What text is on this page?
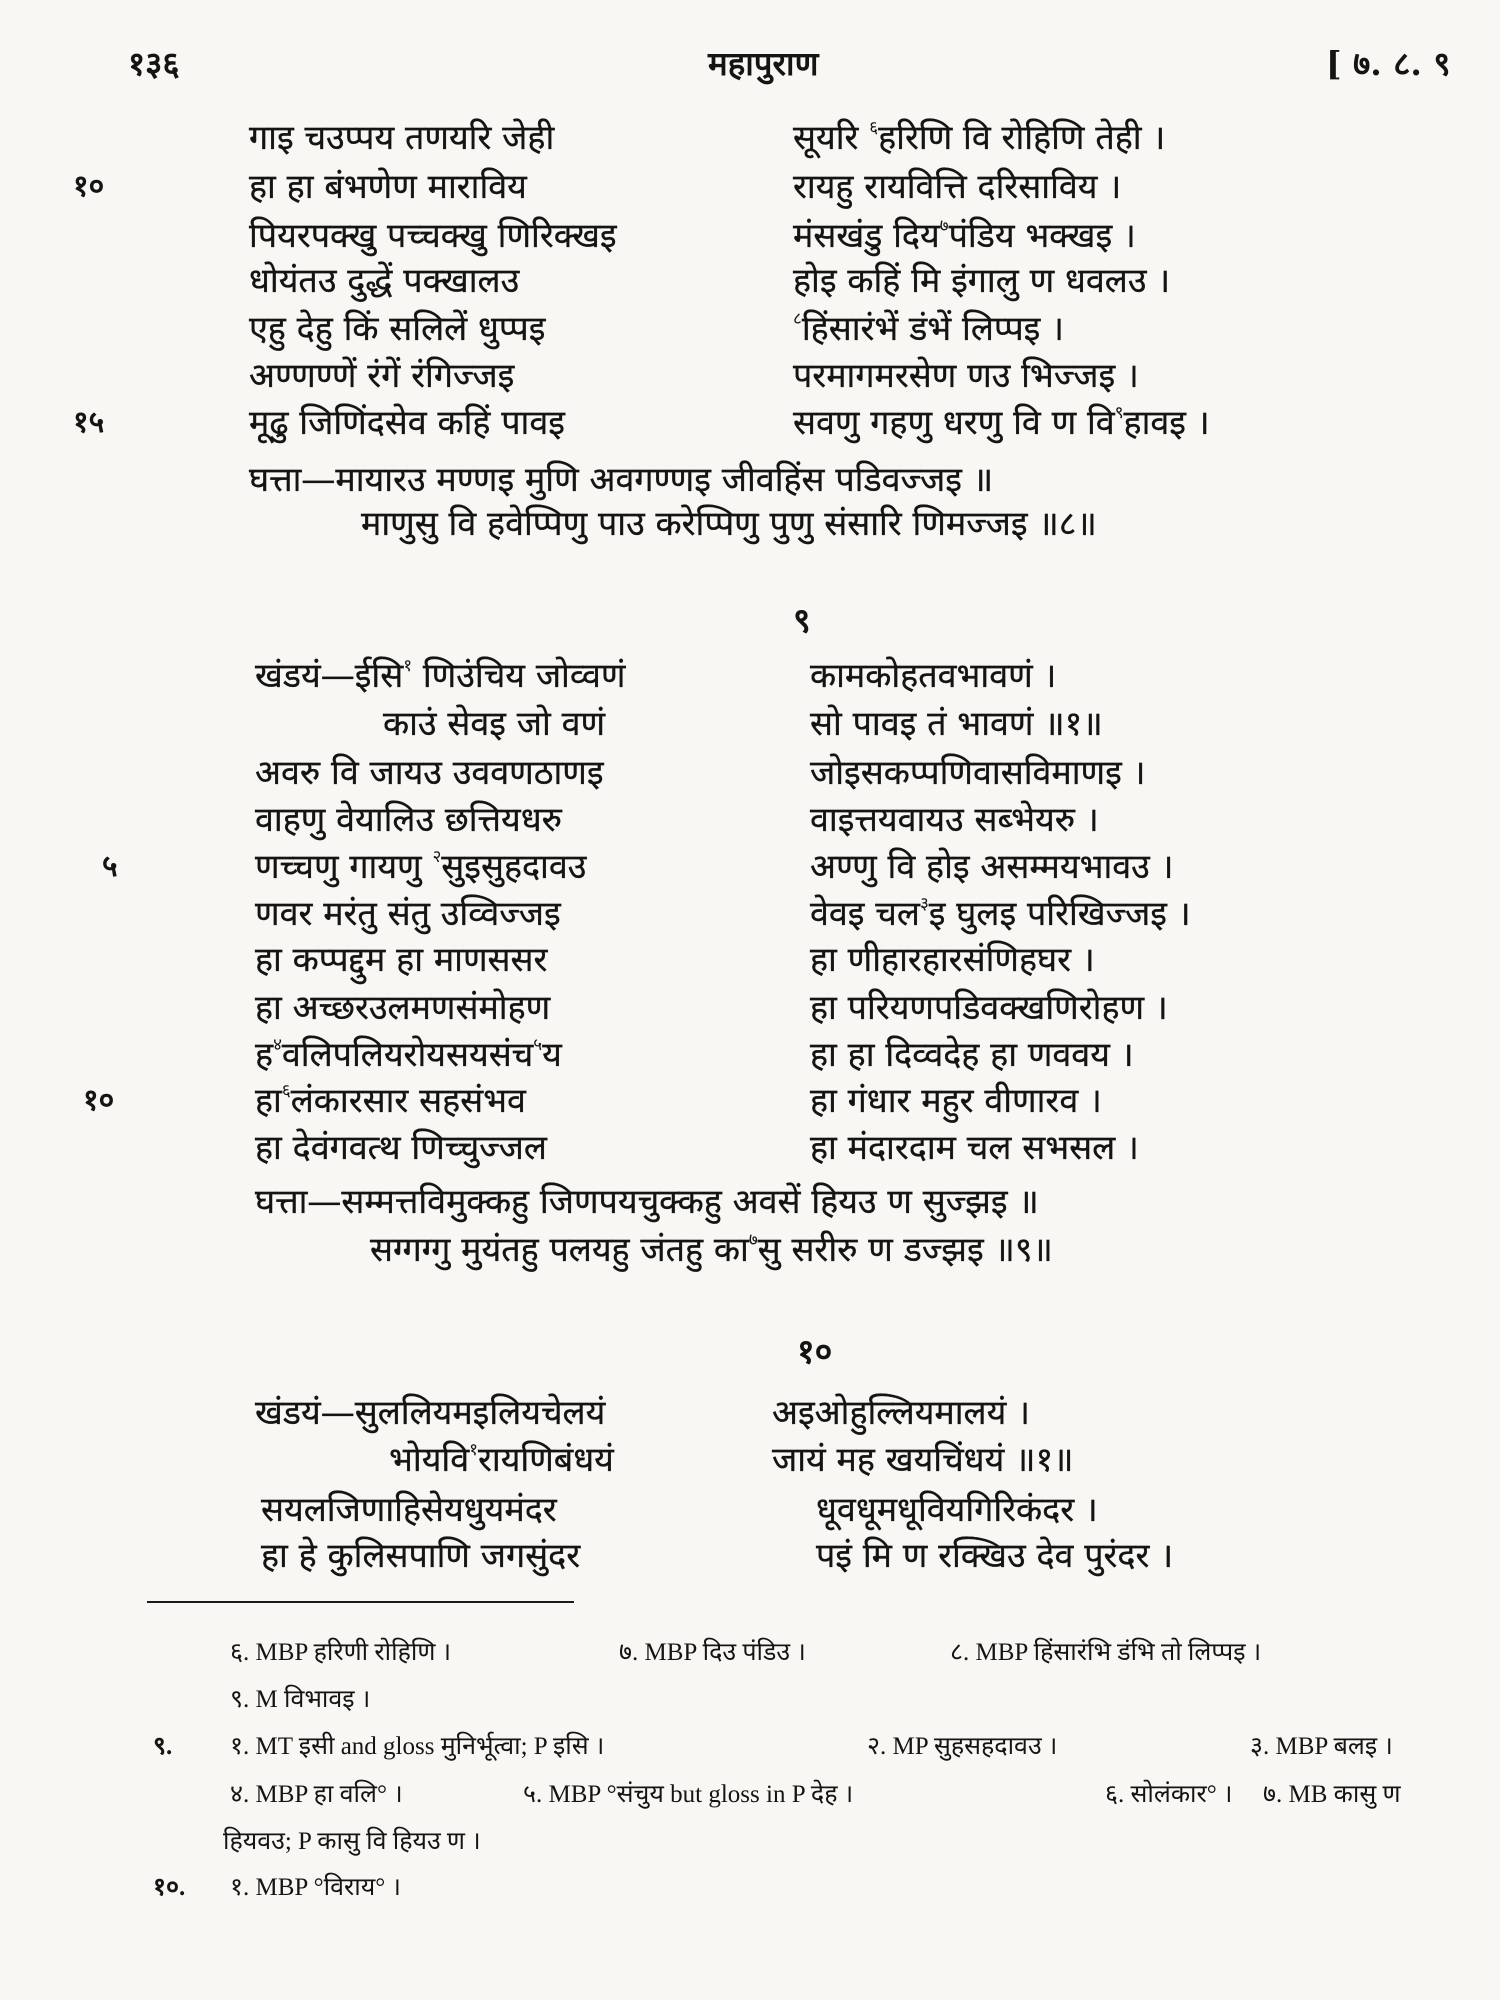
१३६	महापुराण	[ ७. ८. ९
गाइ चउप्पय तणयरि जेही	सूयरि $^६$हरिणि वि रोहिणि तेही ।
१०	हा हा बंभणेण माराविय	रायहु रायवित्ति दरिसाविय ।
पियरपक्खु पच्चक्खु णिरिक्खइ	मंसखंडु दिय$^७$पंडिय भक्खइ ।
धोयंतउ दुद्धें पक्खालउ	होइ कहिं मि इंगालु ण धवलउ ।
एहु देहु किं सलिलें धुप्पइ	$^८$हिंसारंभें डंभें लिप्पइ ।
अण्णण्णें रंगें रंगिज्जइ	परमागमरसेण णउ भिज्जइ ।
१५	मूढु जिणिंदसेव कहिं पावइ	सवणु गहणु धरणु वि ण वि$^९$हावइ ।
घत्ता—मायारउ मण्णइ मुणि अवगण्णइ जीवहिंस पडिवज्जइ ॥
माणुसु वि हवेप्पिणु पाउ करेप्पिणु पुणु संसारि णिमज्जइ ॥८॥
९
खंडयं—ईसि$^१$ णिउंचिय जोव्वणं	कामकोहतवभावणं ।
काउं सेवइ जो वणं	सो पावइ तं भावणं ॥१॥
अवरु वि जायउ उववणठाणइ	जोइसकप्पणिवासविमाणइ ।
वाहणु वेयालिउ छत्तियधरु	वाइत्तयवायउ सब्भेयरु ।
५	णच्चणु गायणु $^२$सुइसुहदावउ	अण्णु वि होइ असम्मयभावउ ।
णवर मरंतु संतु उव्विज्जइ	वेवइ चल$^३$इ घुलइ परिखिज्जइ ।
हा कप्पद्दुम हा माणससर	हा णीहारहारसंणिहघर ।
हा अच्छरउलमणसंमोहण	हा परियणपडिवक्खणिरोहण ।
ह$^४$वलिपलियरोयसयसंच$^५$य	हा हा दिव्वदेह हा णववय ।
१०	हा$^६$लंकारसार सहसंभव	हा गंधार महुर वीणारव ।
हा देवंगवत्थ णिच्चुज्जल	हा मंदारदाम चल सभसल ।
घत्ता—सम्मत्तविमुक्कहु जिणपयचुक्कहु अवसें हियउ ण सुज्झइ ॥
सग्गग्गु मुयंतहु पलयहु जंतहु का$^७$सु सरीरु ण डज्झइ ॥९॥
१०
खंडयं—सुललियमइलियचेलयं	अइओहुल्लियमालयं ।
भोयवि$^१$रायणिबंधयं	जायं मह खयचिंधयं ॥१॥
सयलजिणाहिसेयधुयमंदर	धूवधूमधूवियगिरिकंदर ।
हा हे कुलिसपाणि जगसुंदर	पइं मि ण रक्खिउ देव पुरंदर ।
६. MBP हरिणी रोहिणि ।	७. MBP दिउ पंडिउ ।	८. MBP हिंसारंभि डंभि तो लिप्पइ ।
९. M विभावइ ।
९. १. MT इसी and gloss मुनिर्भूत्वा; P इसि ।	२. MP सुहसहदावउ ।	३. MBP बलइ ।
४. MBP हा वलि° ।	५. MBP °संचुय but gloss in P देह ।	६. सोलंकार° । ७. MB कासु ण
हियवउ; P कासु वि हियउ ण ।
१०. १. MBP °विराय° ।
